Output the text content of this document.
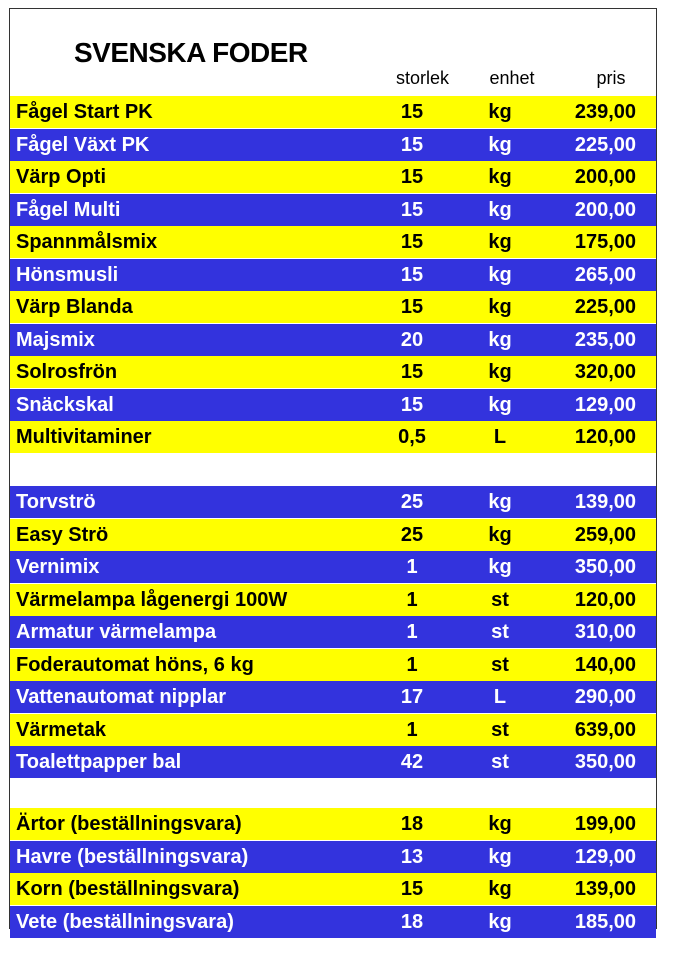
SVENSKA FODER
storlek	enhet	pris
Fågel Start PK	15	kg	239,00
Fågel Växt PK	15	kg	225,00
Värp Opti	15	kg	200,00
Fågel Multi	15	kg	200,00
Spannmålsmix	15	kg	175,00
Hönsmusli	15	kg	265,00
Värp Blanda	15	kg	225,00
Majsmix	20	kg	235,00
Solrosfrön	15	kg	320,00
Snäckskal	15	kg	129,00
Multivitaminer	0,5	L	120,00
Torvströ	25	kg	139,00
Easy Strö	25	kg	259,00
Vernimix	1	kg	350,00
Värmelampa lågenergi 100W	1	st	120,00
Armatur värmelampa	1	st	310,00
Foderautomat höns, 6 kg	1	st	140,00
Vattenautomat nipplar	17	L	290,00
Värmetak	1	st	639,00
Toalettpapper bal	42	st	350,00
Ärtor (beställningsvara)	18	kg	199,00
Havre (beställningsvara)	13	kg	129,00
Korn (beställningsvara)	15	kg	139,00
Vete (beställningsvara)	18	kg	185,00
